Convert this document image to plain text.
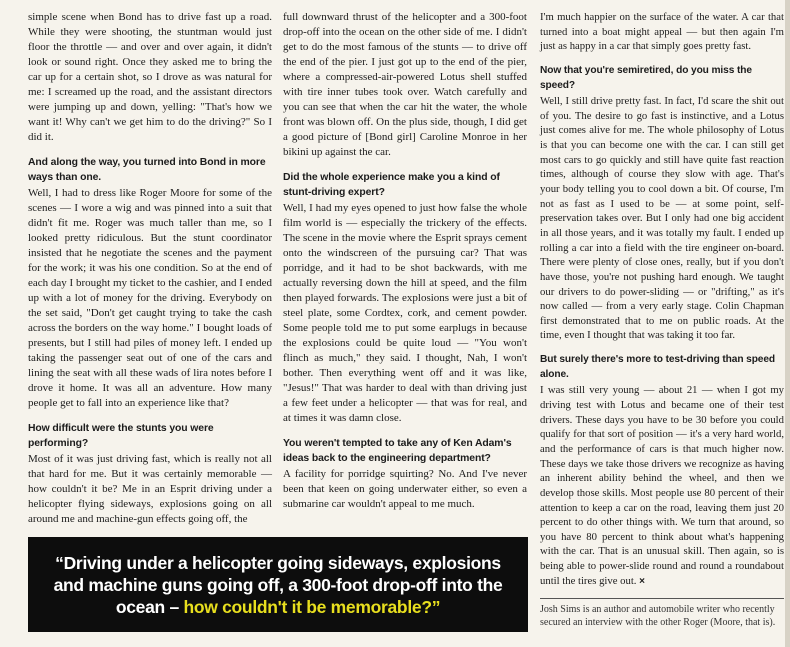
simple scene when Bond has to drive fast up a road. While they were shooting, the stuntman would just floor the throttle — and over and over again, it didn't look or sound right. Once they asked me to bring the car up for a certain shot, so I drove as was natural for me: I screamed up the road, and the assistant directors were jumping up and down, yelling: "That's how we want it! Why can't we get him to do the driving?" So I did it.

And along the way, you turned into Bond in more ways than one.

Well, I had to dress like Roger Moore for some of the scenes — I wore a wig and was pinned into a suit that didn't fit me. Roger was much taller than me, so I looked pretty ridiculous. But the stunt coordinator insisted that he negotiate the scenes and the payment for the work; it was his one condition. So at the end of each day I brought my ticket to the cashier, and I ended up with a lot of money for the driving. Everybody on the set said, "Don't get caught trying to take the cash across the borders on the way home." I bought loads of presents, but I still had piles of money left. I ended up taking the passenger seat out of one of the cars and lining the seat with all these wads of lira notes before I drove it home. It was all an adventure. How many people get to fall into an experience like that?

How difficult were the stunts you were performing?

Most of it was just driving fast, which is really not all that hard for me. But it was certainly memorable — how couldn't it be? Me in an Esprit driving under a helicopter flying sideways, explosions going on all around me and machine-gun effects going off, the

full downward thrust of the helicopter and a 300-foot drop-off into the ocean on the other side of me. I didn't get to do the most famous of the stunts — to drive off the end of the pier. I just got up to the end of the pier, where a compressed-air-powered Lotus shell stuffed with tire inner tubes took over. Watch carefully and you can see that when the car hit the water, the whole front was blown off. On the plus side, though, I did get a good picture of [Bond girl] Caroline Monroe in her bikini up against the car.

Did the whole experience make you a kind of stunt-driving expert?

Well, I had my eyes opened to just how false the whole film world is — especially the trickery of the effects. The scene in the movie where the Esprit sprays cement onto the windscreen of the pursuing car? That was porridge, and it had to be shot backwards, with me actually reversing down the hill at speed, and the film then played forwards. The explosions were just a bit of steel plate, some Cordtex, cork, and cement powder. Some people told me to put some earplugs in because the explosions could be quite loud — "You won't flinch as much," they said. I thought, Nah, I won't bother. Then everything went off and it was like, "Jesus!" That was harder to deal with than driving just a few feet under a helicopter — that was for real, and at times it was damn close.

You weren't tempted to take any of Ken Adam's ideas back to the engineering department?

A facility for porridge squirting? No. And I've never been that keen on going underwater either, so even a submarine car wouldn't appeal to me much.

I'm much happier on the surface of the water. A car that turned into a boat might appeal — but then again I'm just as happy in a car that simply goes pretty fast.

Now that you're semiretired, do you miss the speed?

Well, I still drive pretty fast. In fact, I'd scare the shit out of you. The desire to go fast is instinctive, and a Lotus just comes alive for me. The whole philosophy of Lotus is that you can become one with the car. I can still get most cars to go quickly and still have quite fast reaction times, although of course they slow with age. That's your body telling you to cool down a bit. Of course, I'm not as fast as I used to be — at some point, self-preservation takes over. But I only had one big accident in all those years, and it was totally my fault. I ended up rolling a car into a field with the tire engineer on-board. There were plenty of close ones, really, but if you don't have those, you're not pushing hard enough. We taught our drivers to do power-sliding — or "drifting," as it's now called — from a very early stage. Colin Chapman first demonstrated that to me on public roads. At the time, even I thought that was taking it too far.

But surely there's more to test-driving than speed alone.

I was still very young — about 21 — when I got my driving test with Lotus and became one of their test drivers. These days you have to be 30 before you could qualify for that sort of position — it's a very hard world, and the performance of cars is that much higher now. These days we take those drivers we recognize as having an inherent ability behind the wheel, and then we develop those skills. Most people use 80 percent of their attention to keep a car on the road, leaving them just 20 percent to do other things with. We turn that around, so you have 80 percent to think about what's happening with the car. That is an unusual skill. Then again, so is being able to power-slide round and round a roundabout until the tires give out. ×

“Driving under a helicopter going sideways, explosions and machine guns going off, a 300-foot drop-off into the ocean – how couldn't it be memorable?”	Josh Sims is an author and automobile writer who recently secured an interview with the other Roger (Moore, that is).
